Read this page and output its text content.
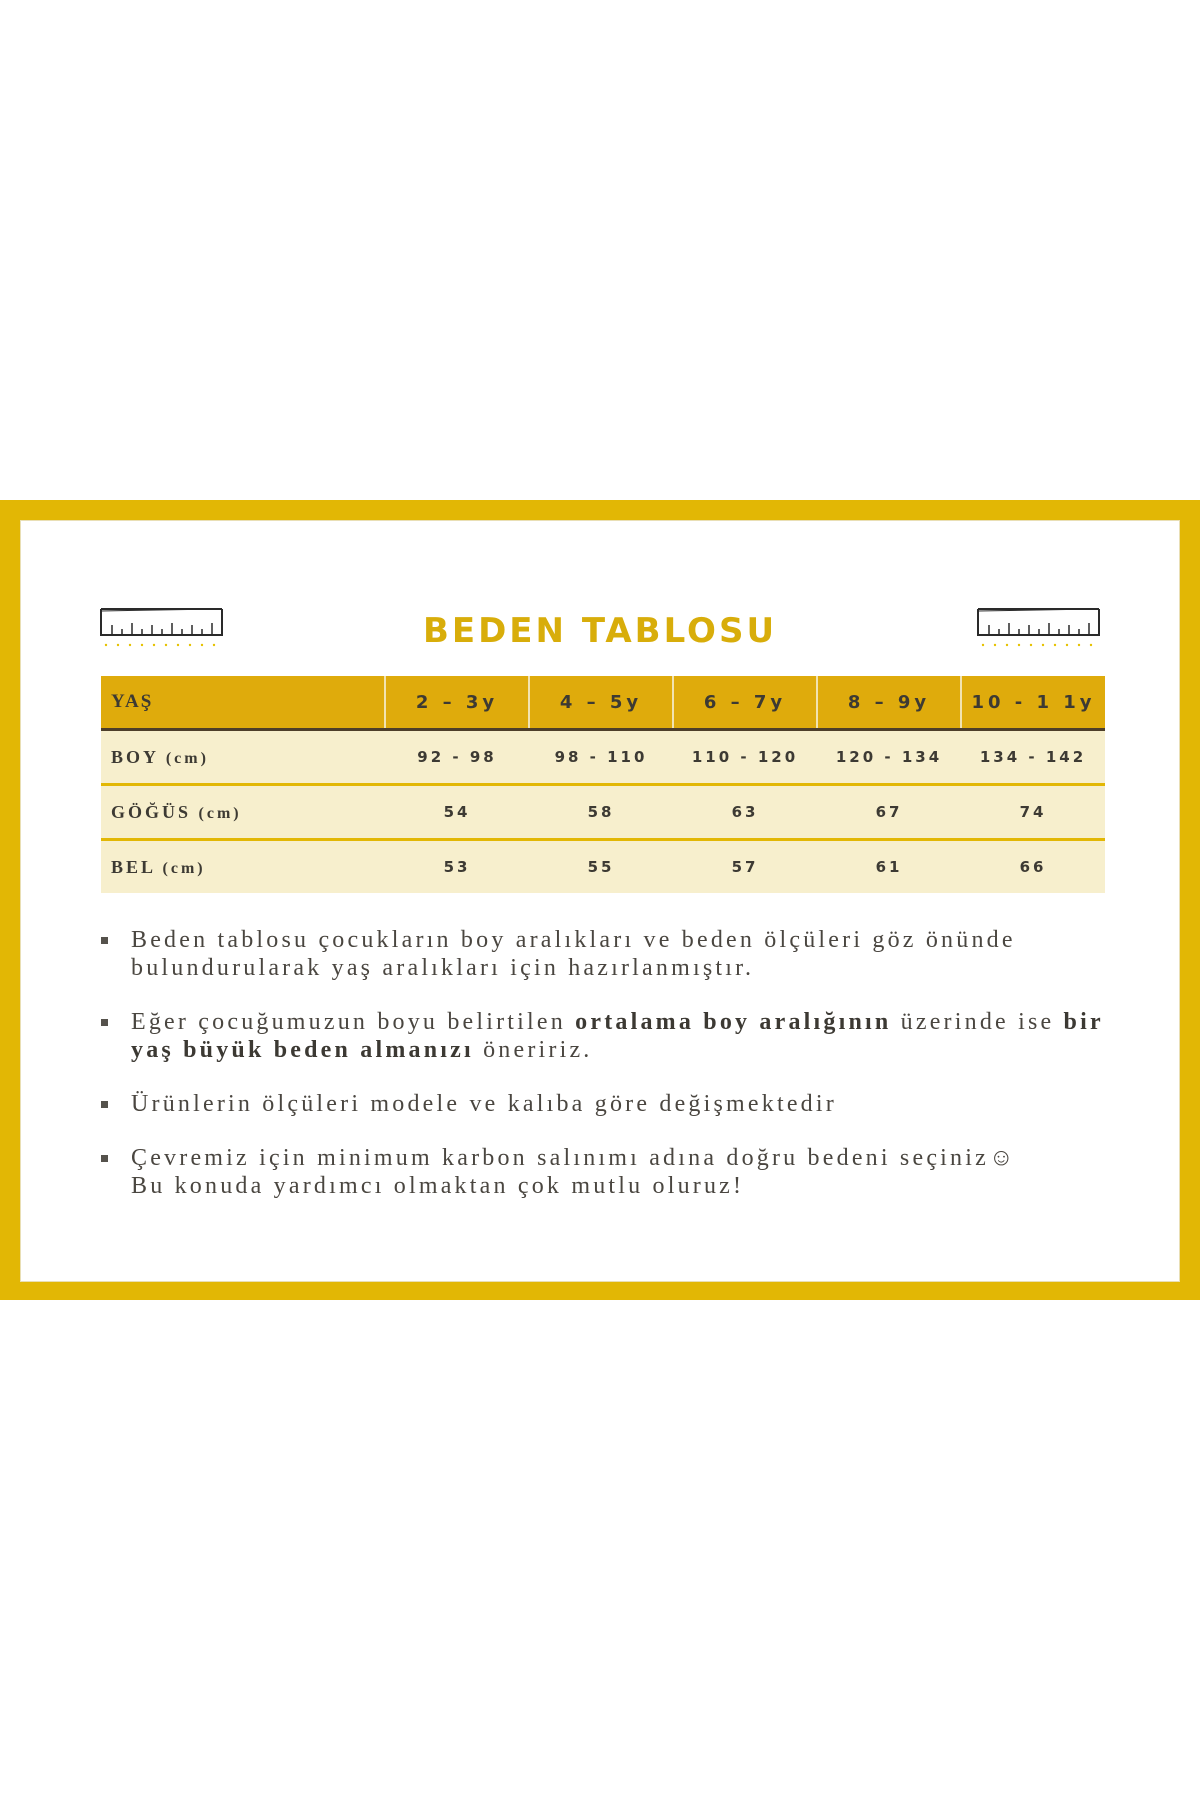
BEDEN TABLOSU
YAŞ	2 – 3y	4 – 5y	6 – 7y	8 – 9y	10 - 1 1y
BOY (cm)	92 - 98	98 - 110	110 - 120	120 - 134	134 - 142
GÖĞÜS (cm)	54	58	63	67	74
BEL (cm)	53	55	57	61	66
Beden tablosu çocukların boy aralıkları ve beden ölçüleri göz önünde bulundurularak yaş aralıkları için hazırlanmıştır.
Eğer çocuğumuzun boyu belirtilen ortalama boy aralığının üzerinde ise bir yaş büyük beden almanızı öneririz.
Ürünlerin ölçüleri modele ve kalıba göre değişmektedir
Çevremiz için minimum karbon salınımı adına doğru bedeni seçiniz☺
Bu konuda yardımcı olmaktan çok mutlu oluruz!
